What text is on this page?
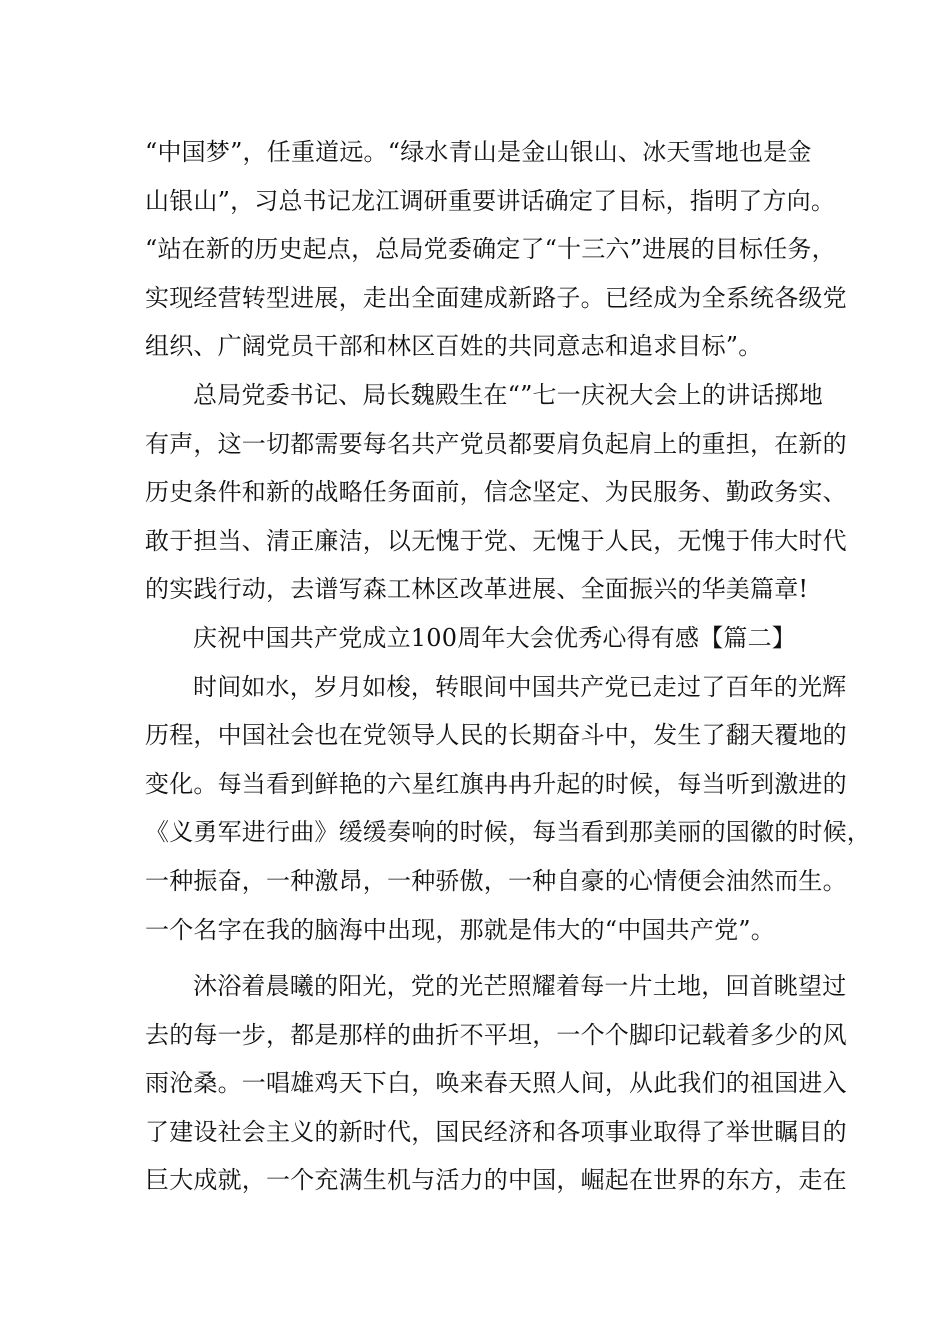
“中国梦”，任重道远。“绿水青山是金山银山、冰天雪地也是金
山银山”，习总书记龙江调研重要讲话确定了目标，指明了方向。
“站在新的历史起点，总局党委确定了“十三六”进展的目标任务，
实现经营转型进展，走出全面建成新路子。已经成为全系统各级党
组织、广阔党员干部和林区百姓的共同意志和追求目标”。
总局党委书记、局长魏殿生在“”七一庆祝大会上的讲话掷地
有声，这一切都需要每名共产党员都要肩负起肩上的重担，在新的
历史条件和新的战略任务面前，信念坚定、为民服务、勤政务实、
敢于担当、清正廉洁，以无愧于党、无愧于人民，无愧于伟大时代
的实践行动，去谱写森工林区改革进展、全面振兴的华美篇章!
庆祝中国共产党成立100周年大会优秀心得有感【篇二】
时间如水，岁月如梭，转眼间中国共产党已走过了百年的光辉
历程，中国社会也在党领导人民的长期奋斗中，发生了翻天覆地的
变化。每当看到鲜艳的六星红旗冉冉升起的时候，每当听到激进的
《义勇军进行曲》缓缓奏响的时候，每当看到那美丽的国徽的时候，
一种振奋，一种激昂，一种骄傲，一种自豪的心情便会油然而生。
一个名字在我的脑海中出现，那就是伟大的“中国共产党”。
沐浴着晨曦的阳光，党的光芒照耀着每一片土地，回首眺望过
去的每一步，都是那样的曲折不平坦，一个个脚印记载着多少的风
雨沧桑。一唱雄鸡天下白，唤来春天照人间，从此我们的祖国进入
了建设社会主义的新时代，国民经济和各项事业取得了举世瞩目的
巨大成就，一个充满生机与活力的中国，崛起在世界的东方，走在
